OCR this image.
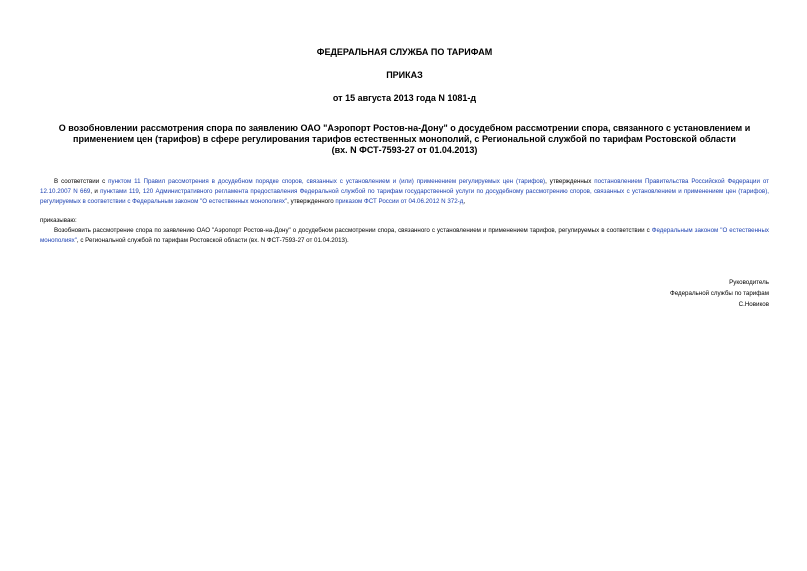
ФЕДЕРАЛЬНАЯ СЛУЖБА ПО ТАРИФАМ
ПРИКАЗ
от 15 августа 2013 года N 1081-д
О возобновлении рассмотрения спора по заявлению ОАО "Аэропорт Ростов-на-Дону" о досудебном рассмотрении спора, связанного с установлением и
применением цен (тарифов) в сфере регулирования тарифов естественных монополий, с Региональной службой по тарифам Ростовской области
(вх. N ФСТ-7593-27 от 01.04.2013)
В соответствии с пунктом 11 Правил рассмотрения в досудебном порядке споров, связанных с установлением и (или) применением регулируемых цен (тарифов), утвержденных постановлением Правительства Российской Федерации от 12.10.2007 N 669, и пунктами 119, 120 Административного регламента предоставления Федеральной службой по тарифам государственной услуги по досудебному рассмотрению споров, связанных с установлением и применением цен (тарифов), регулируемых в соответствии с Федеральным законом "О естественных монополиях", утвержденного приказом ФСТ России от 04.06.2012 N 372-д,
приказываю:
Возобновить рассмотрение спора по заявлению ОАО "Аэропорт Ростов-на-Дону" о досудебном рассмотрении спора, связанного с установлением и применением тарифов, регулируемых в соответствии с Федеральным законом "О естественных монополиях", с Региональной службой по тарифам Ростовской области (вх. N ФСТ-7593-27 от 01.04.2013).
Руководитель
Федеральной службы по тарифам
С.Новиков
